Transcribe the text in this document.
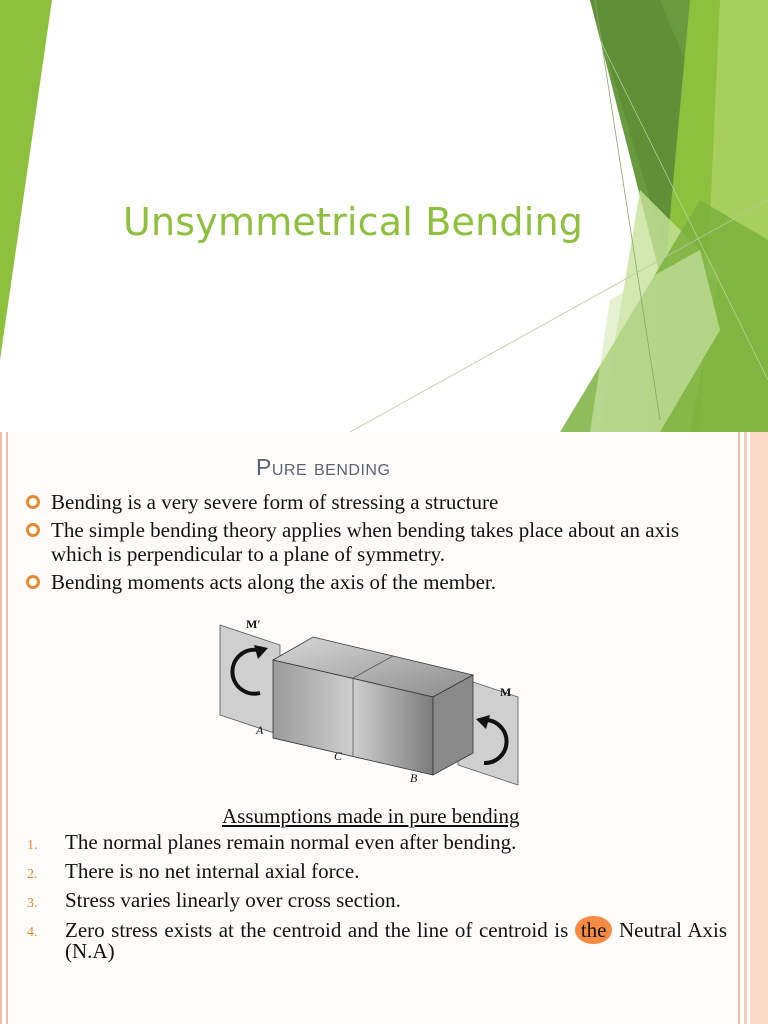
Unsymmetrical Bending
Pure bending
Bending is a very severe form of stressing a structure
The simple bending theory applies when bending takes place about an axis which is perpendicular to a plane of symmetry.
Bending moments acts along the axis of the member.
M′
M
A
C
B
Assumptions made in pure bending
1. The normal planes remain normal even after bending.
2. There is no net internal axial force.
3. Stress varies linearly over cross section.
4. Zero stress exists at the centroid and the line of centroid is the Neutral Axis (N.A)
